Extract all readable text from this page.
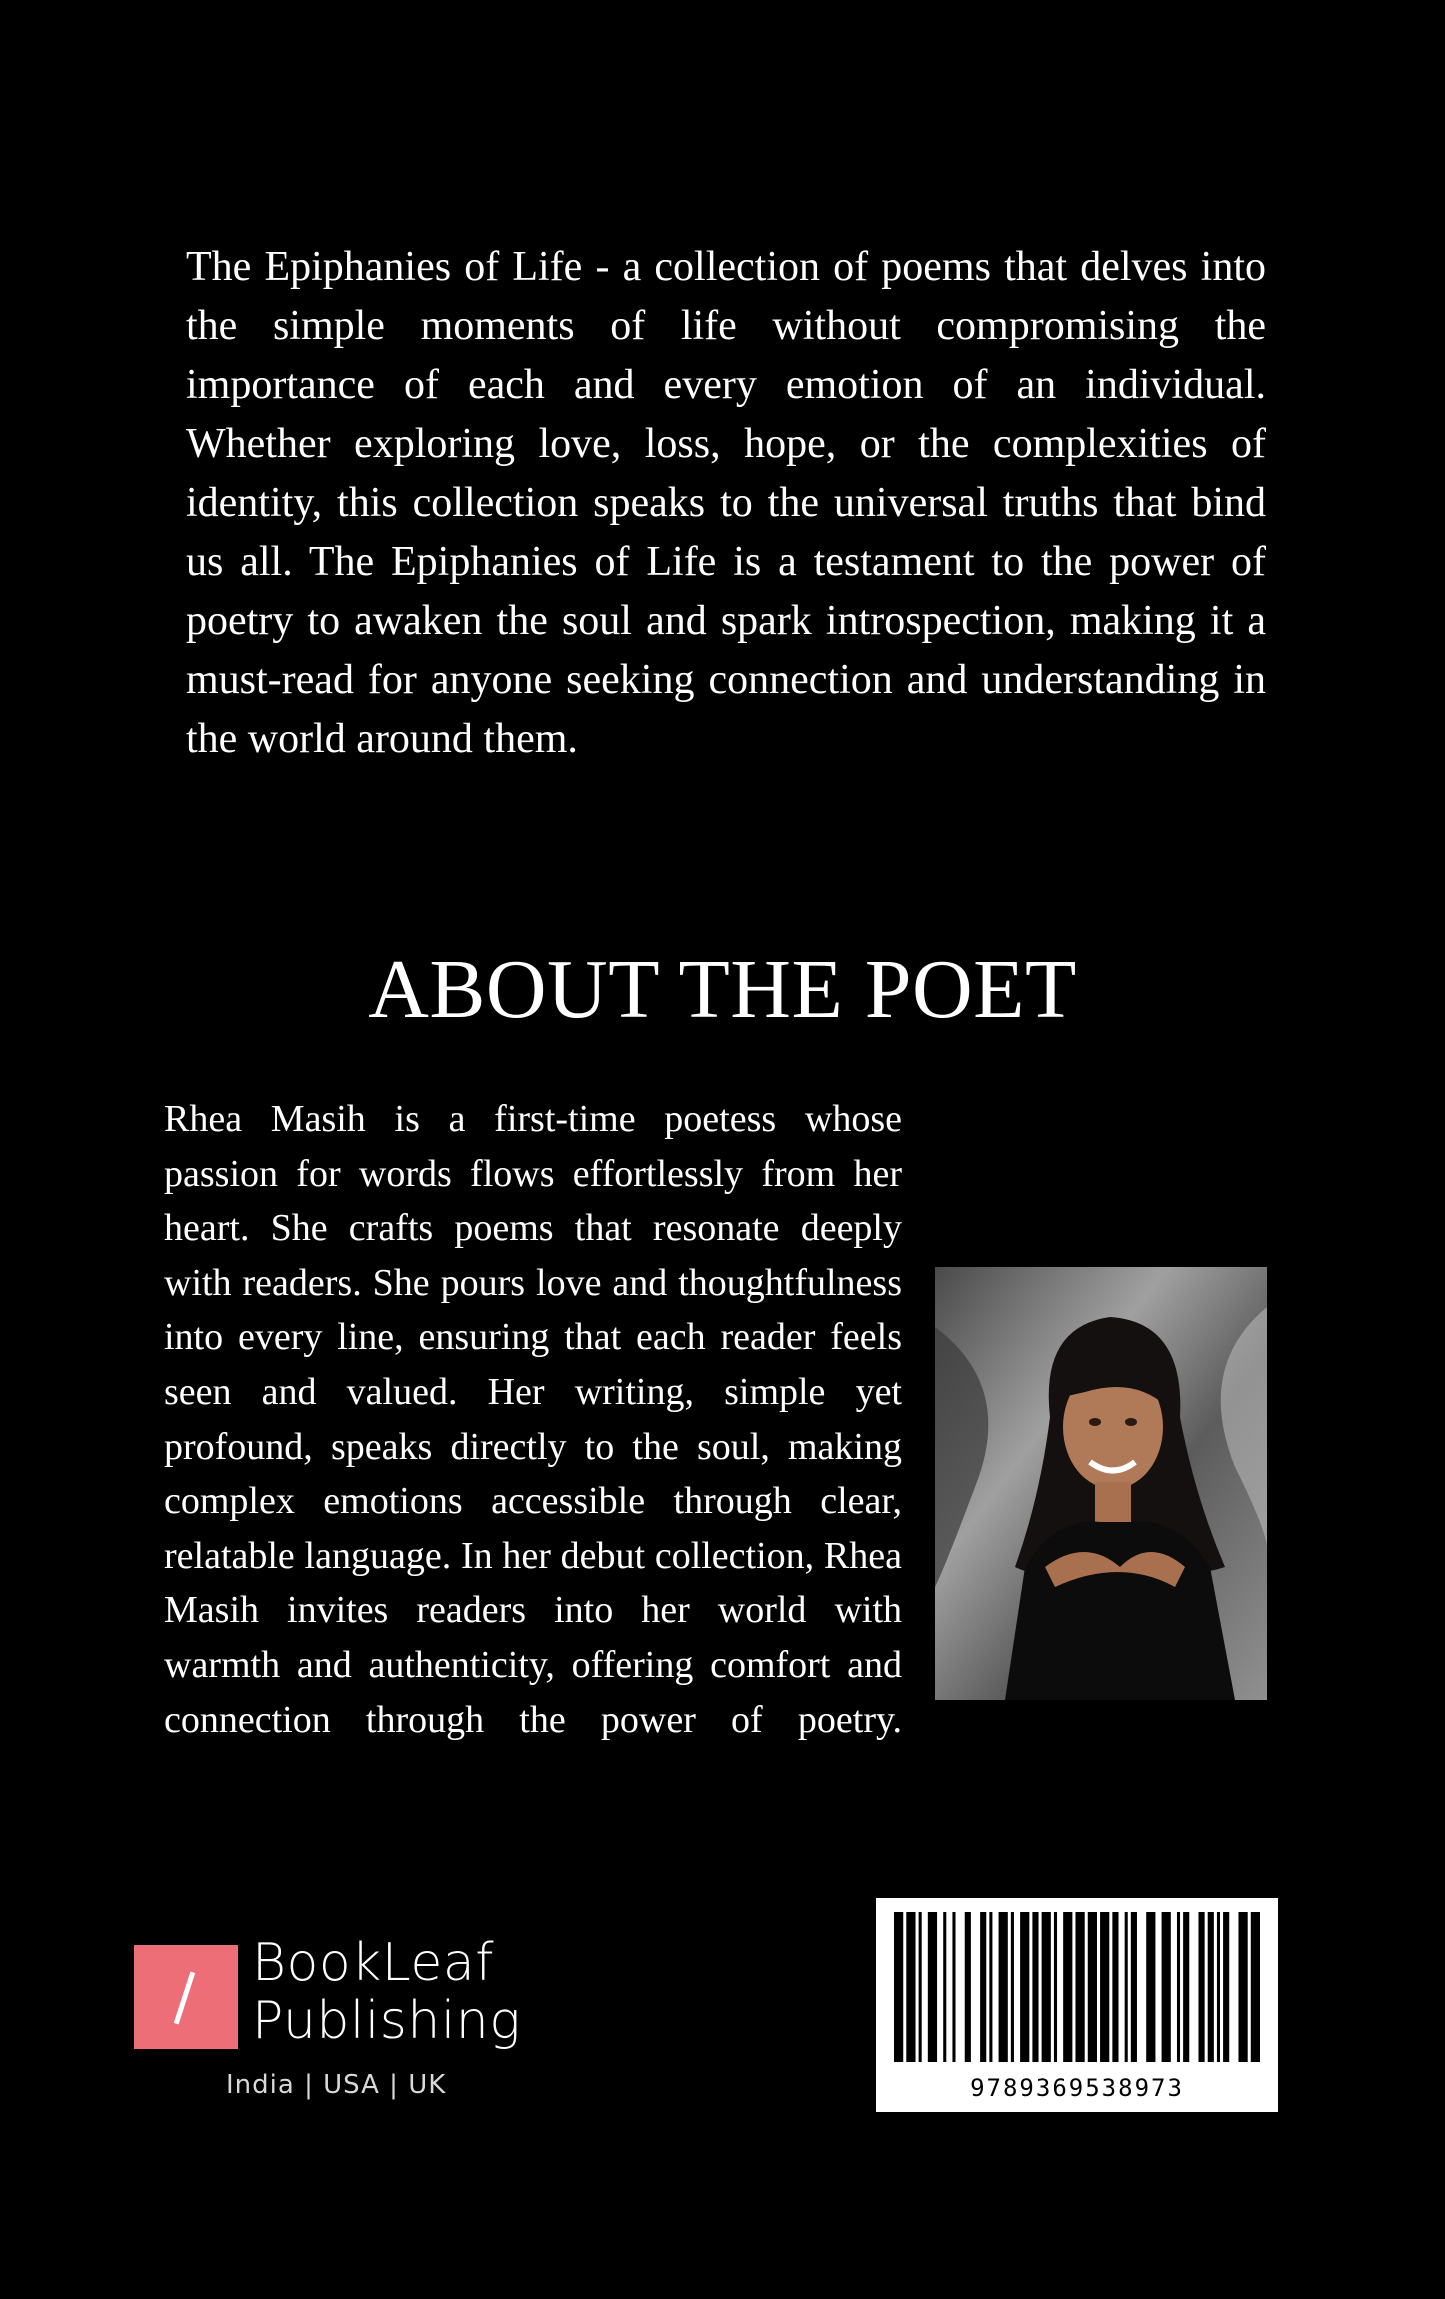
The Epiphanies of Life - a collection of poems that delves into the simple moments of life without compromising the importance of each and every emotion of an individual. Whether exploring love, loss, hope, or the complexities of identity, this collection speaks to the universal truths that bind us all. The Epiphanies of Life is a testament to the power of poetry to awaken the soul and spark introspection, making it a must-read for anyone seeking connection and understanding in the world around them.

ABOUT THE POET

Rhea Masih is a first-time poetess whose passion for words flows effortlessly from her heart. She crafts poems that resonate deeply with readers. She pours love and thoughtfulness into every line, ensuring that each reader feels seen and valued. Her writing, simple yet profound, speaks directly to the soul, making complex emotions accessible through clear, relatable language. In her debut collection, Rhea Masih invites readers into her world with warmth and authenticity, offering comfort and connection through the power of poetry.

BookLeaf
Publishing
India | USA | UK	9789369538973
